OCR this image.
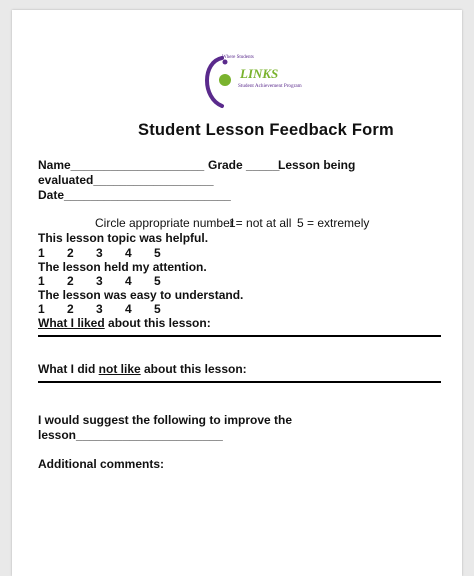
Where Students
LINKS
Student Achievement Program
Student Lesson Feedback Form
Name____________________ Grade _____
Lesson being
evaluated__________________
Date_________________________
Circle appropriate number
1= not at all 5 = extremely
This lesson topic was helpful.
1 2 3 4 5
The lesson held my attention.
1 2 3 4 5
The lesson was easy to understand.
1 2 3 4 5
What I liked about this lesson:
What I did not like about this lesson:
I would suggest the following to improve the
lesson______________________
Additional comments:
